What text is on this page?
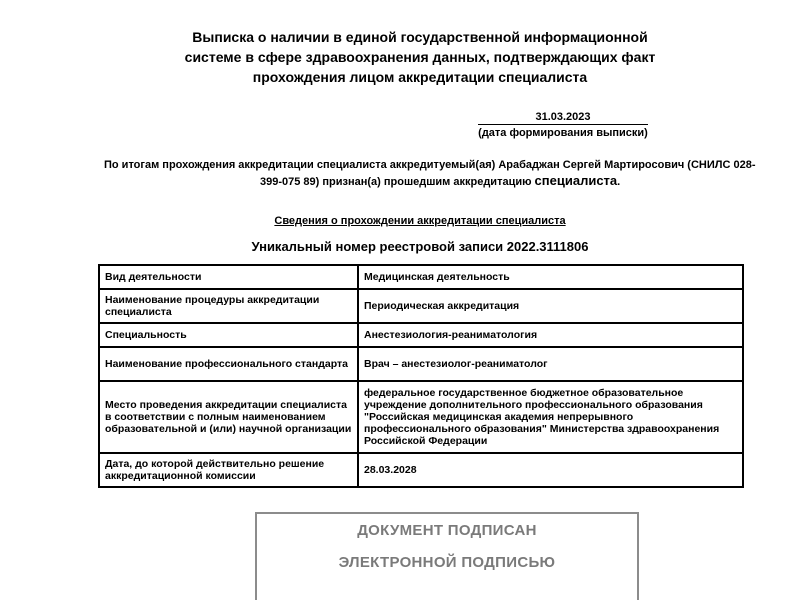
Выписка о наличии в единой государственной информационной
системе в сфере здравоохранения данных, подтверждающих факт
прохождения лицом аккредитации специалиста
31.03.2023
(дата формирования выписки)
По итогам прохождения аккредитации специалиста аккредитуемый(ая) Арабаджан Сергей Мартиросович (СНИЛС 028-
399-075 89) признан(а) прошедшим аккредитацию специалиста.
Сведения о прохождении аккредитации специалиста
Уникальный номер реестровой записи 2022.3111806
Вид деятельности	Медицинская деятельность
Наименование процедуры аккредитации специалиста	Периодическая аккредитация
Специальность	Анестезиология-реаниматология
Наименование профессионального стандарта	Врач – анестезиолог-реаниматолог
Место проведения аккредитации специалиста в соответствии с полным наименованием образовательной и (или) научной организации	федеральное государственное бюджетное образовательное учреждение дополнительного профессионального образования "Российская медицинская академия непрерывного профессионального образования" Министерства здравоохранения Российской Федерации
Дата, до которой действительно решение аккредитационной комиссии	28.03.2028
ДОКУМЕНТ ПОДПИСАН
ЭЛЕКТРОННОЙ ПОДПИСЬЮ
